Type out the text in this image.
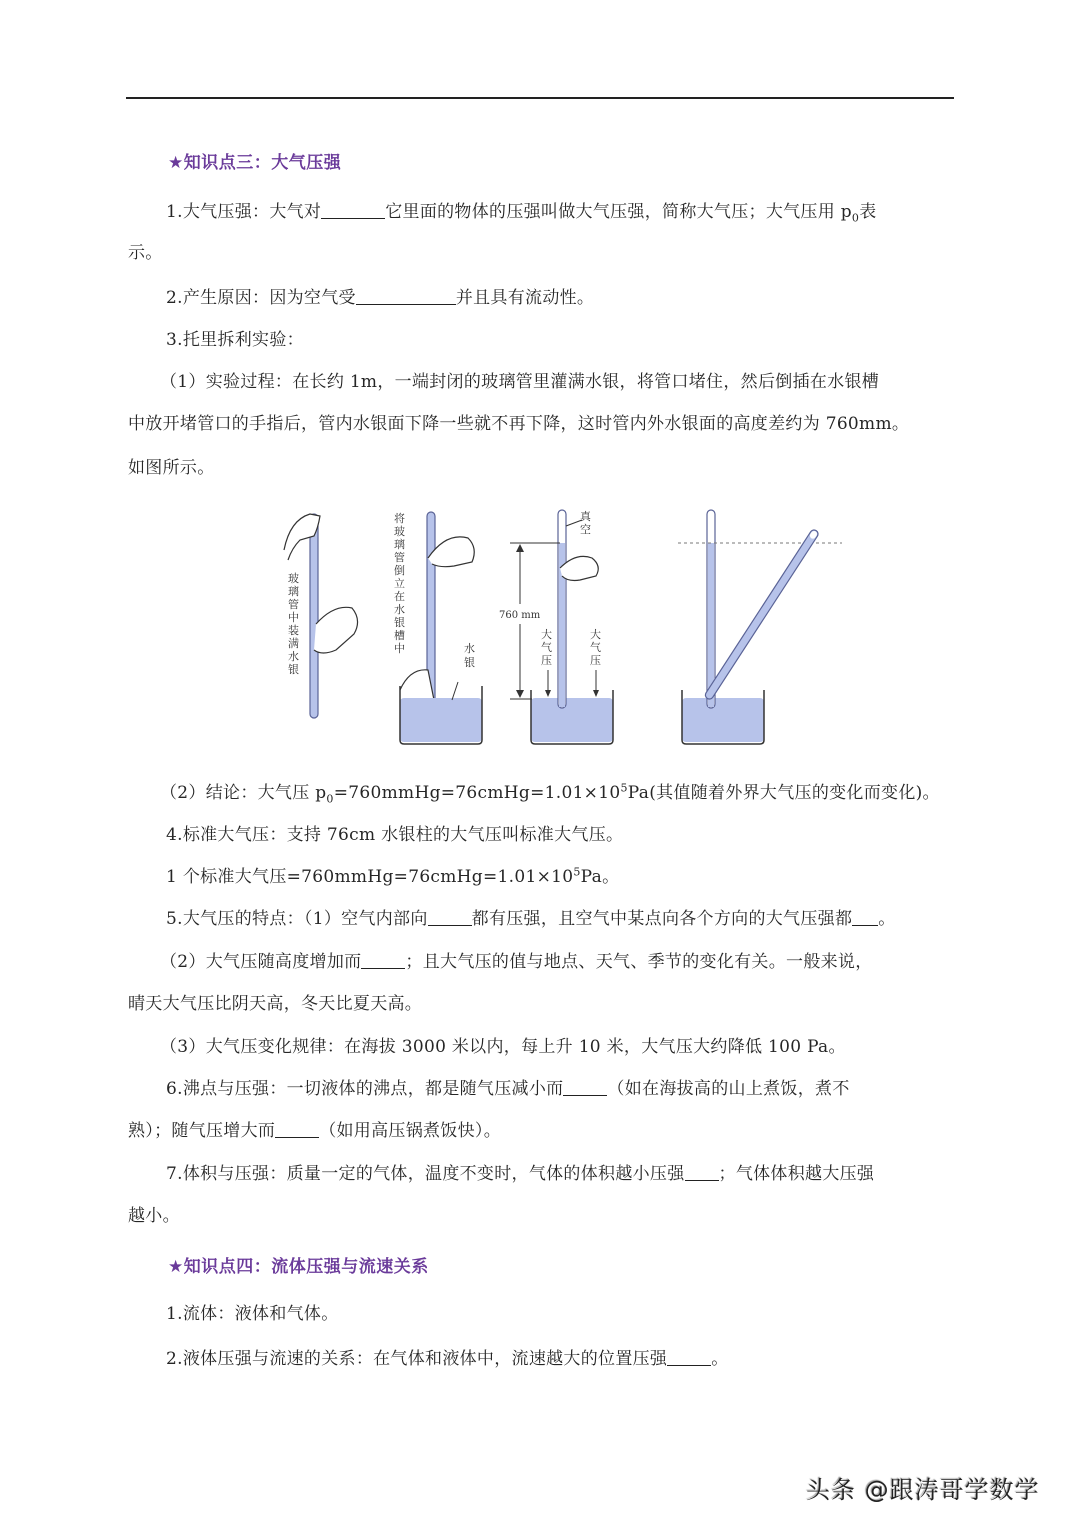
★知识点三：大气压强
1.大气压强：大气对	它里面的物体的压强叫做大气压强，简称大气压；大气压用 $p_0$表
示。
2.产生原因：因为空气受	并且具有流动性。
3.托里拆利实验：
（1）实验过程：在长约 1m，一端封闭的玻璃管里灌满水银，将管口堵住，然后倒插在水银槽
中放开堵管口的手指后，管内水银面下降一些就不再下降，这时管内外水银面的高度差约为 760mm。
如图所示。
玻
璃
管
中
装
满
水
银
将
玻
璃
管
倒
立
在
水
银
槽
中	水
银
真
空
760 mm
大
气
压
大
气
压
（2）结论：大气压 $p_0=760mmHg=76cmHg=1.01\times 10^5Pa$(其值随着外界大气压的变化而变化)。
4.标准大气压：支持 76cm 水银柱的大气压叫标准大气压。
1 个标准大气压$=760mmHg=76cmHg=1.01\times 10^5Pa$。
5.大气压的特点：（1）空气内部向	都有压强，且空气中某点向各个方向的大气压强都 。
（2）大气压随高度增加而	；且大气压的值与地点、天气、季节的变化有关。一般来说，
晴天大气压比阴天高，冬天比夏天高。
（3）大气压变化规律：在海拔 3000 米以内，每上升 10 米，大气压大约降低 100 Pa。
6.沸点与压强：一切液体的沸点，都是随气压减小而	（如在海拔高的山上煮饭，煮不
熟）；随气压增大而	（如用高压锅煮饭快）。
7.体积与压强：质量一定的气体，温度不变时，气体的体积越小压强 ；气体体积越大压强
越小。
★知识点四：流体压强与流速关系
1.流体：液体和气体。
2.液体压强与流速的关系：在气体和液体中，流速越大的位置压强	。
头条 @跟涛哥学数学
